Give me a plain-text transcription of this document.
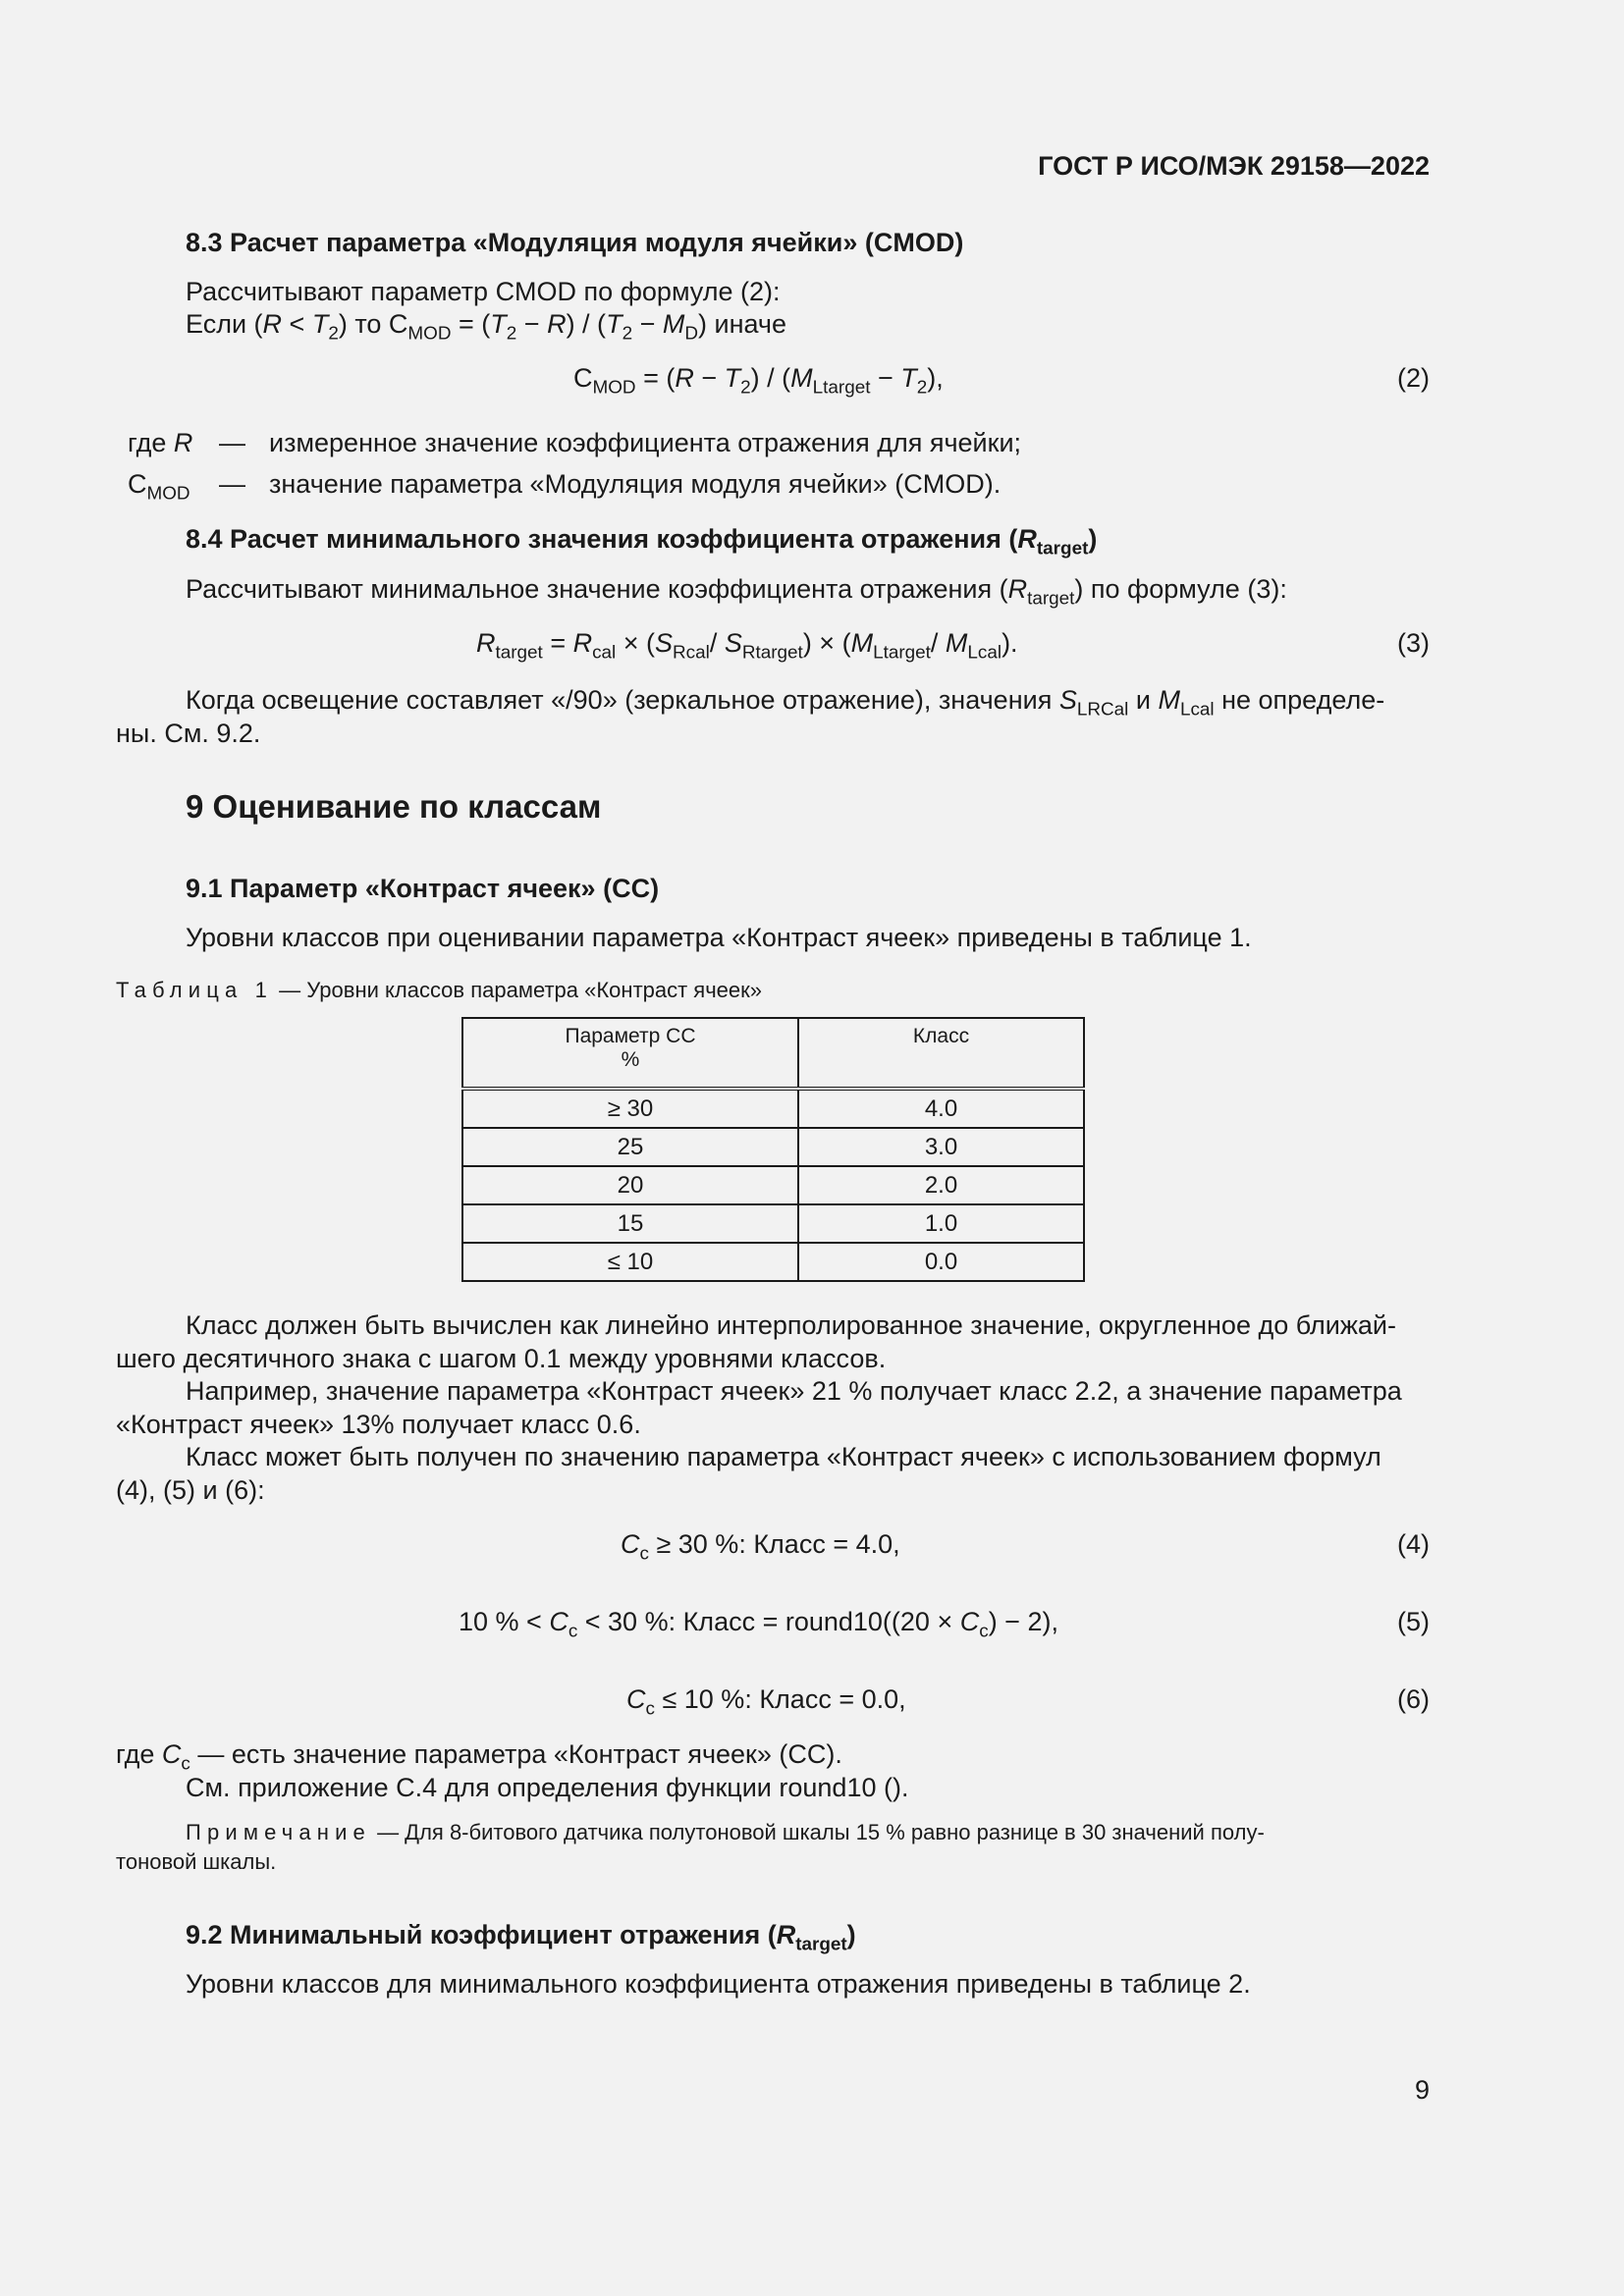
ГОСТ Р ИСО/МЭК 29158—2022
8.3 Расчет параметра «Модуляция модуля ячейки» (CMOD)
Рассчитывают параметр CMOD по формуле (2):
Если $(R < T_2)$ то $C_{MOD} = (T_2 - R) / (T_2 - M_D)$ иначе
$C_{MOD} = (R - T_2) / (M_{Ltarget} - T_2)$,	(2)
где R — измеренное значение коэффициента отражения для ячейки;
$C_{MOD}$ — значение параметра «Модуляция модуля ячейки» (CMOD).
8.4 Расчет минимального значения коэффициента отражения $(R_{target})$
Рассчитывают минимальное значение коэффициента отражения $(R_{target})$ по формуле (3):
$R_{target} = R_{cal} \times (S_{Rcal}/$ $S_{Rtarget}) \times (M_{Ltarget}/$ $M_{Lcal}$).	(3)
Когда освещение составляет «/90» (зеркальное отражение), значения $S_{LRCal}$ и $M_{Lcal}$ не определе-
ны. См. 9.2.
9 Оценивание по классам
9.1 Параметр «Контраст ячеек» (CC)
Уровни классов при оценивании параметра «Контраст ячеек» приведены в таблице 1.
Таблица 1 — Уровни классов параметра «Контраст ячеек»
Параметр CC
%	Класс
≥ 30	4.0
25	3.0
20	2.0
15	1.0
≤ 10	0.0
Класс должен быть вычислен как линейно интерполированное значение, округленное до ближай-
шего десятичного знака с шагом 0.1 между уровнями классов.
Например, значение параметра «Контраст ячеек» 21 % получает класс 2.2, а значение параметра
«Контраст ячеек» 13% получает класс 0.6.
Класс может быть получен по значению параметра «Контраст ячеек» с использованием формул
(4), (5) и (6):
$C_c \ge 30$ %: Класс = 4.0,	(4)
10 % < $C_c < 30$ %: Класс = round10((20 × $C_c) - 2$),	(5)
$C_c \le 10$ %: Класс = 0.0,	(6)
где $C_c$ — есть значение параметра «Контраст ячеек» (CC).
См. приложение С.4 для определения функции round10 ().
Примечание — Для 8-битового датчика полутоновой шкалы 15 % равно разнице в 30 значений полу-
тоновой шкалы.
9.2 Минимальный коэффициент отражения $(R_{target})$
Уровни классов для минимального коэффициента отражения приведены в таблице 2.
9
